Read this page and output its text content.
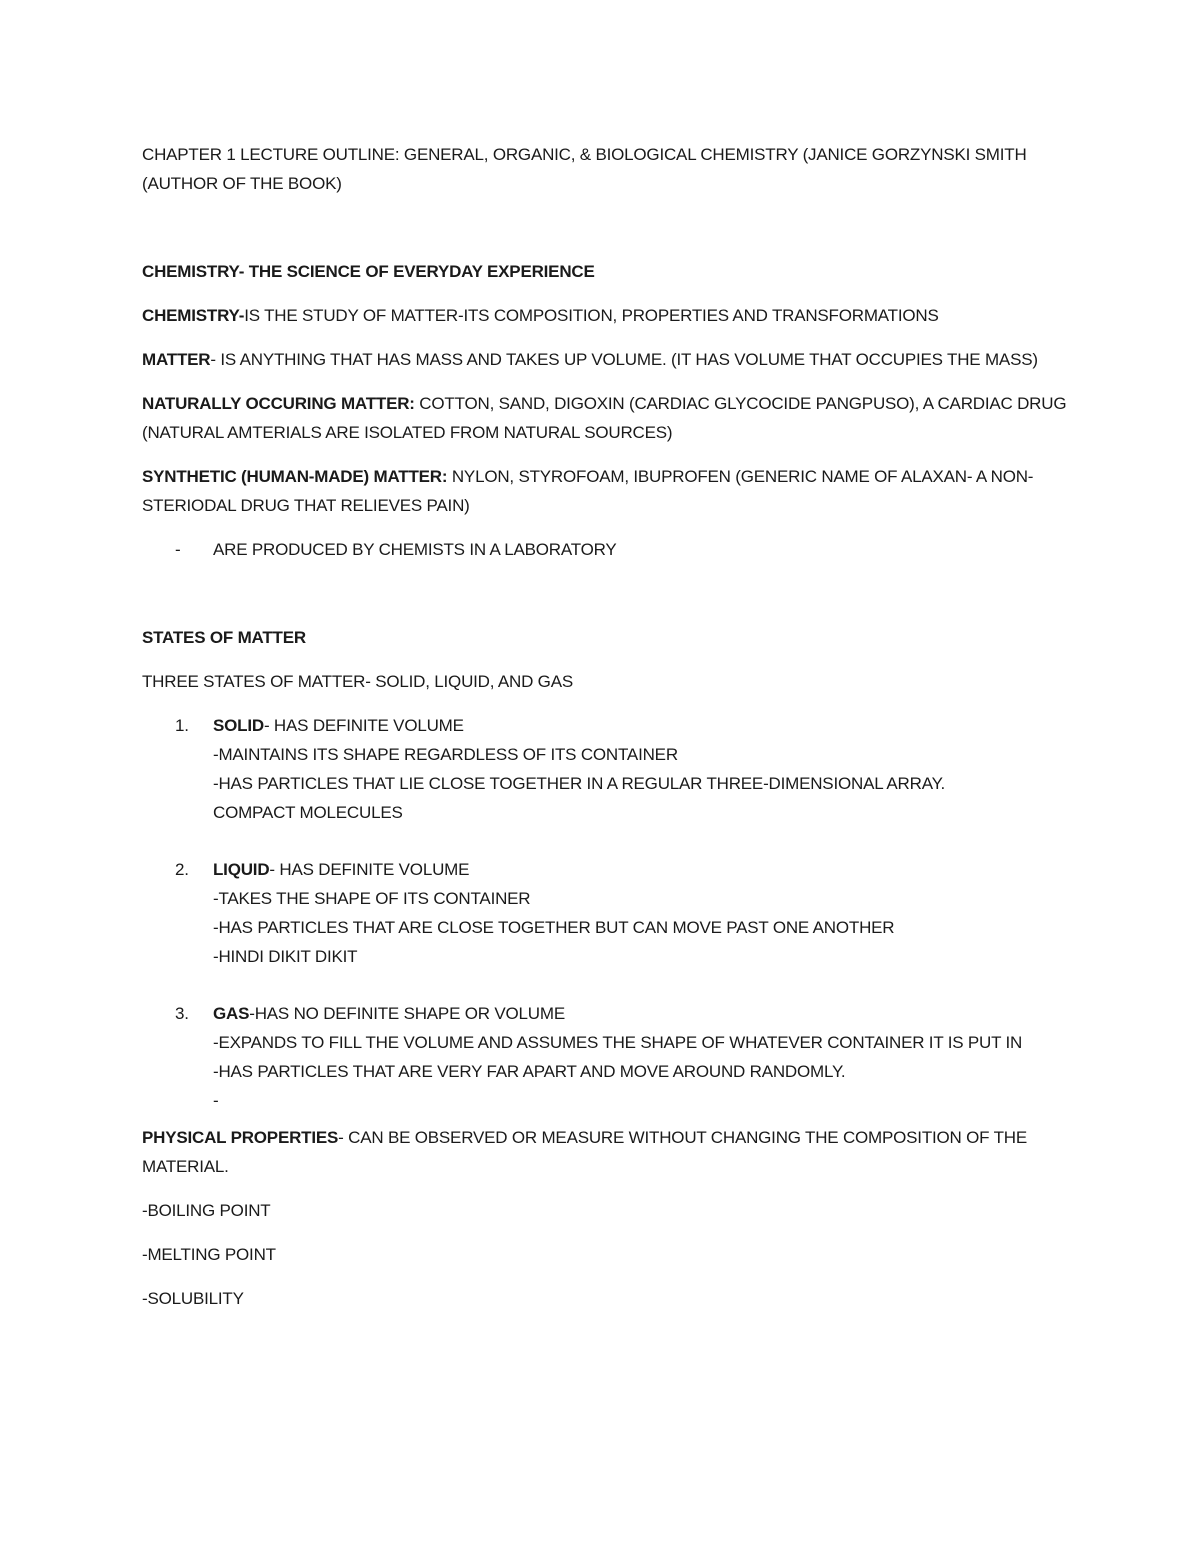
CHAPTER 1 LECTURE OUTLINE: GENERAL, ORGANIC, & BIOLOGICAL CHEMISTRY (JANICE GORZYNSKI SMITH (AUTHOR OF THE BOOK)

CHEMISTRY- THE SCIENCE OF EVERYDAY EXPERIENCE

CHEMISTRY-IS THE STUDY OF MATTER-ITS COMPOSITION, PROPERTIES AND TRANSFORMATIONS

MATTER- IS ANYTHING THAT HAS MASS AND TAKES UP VOLUME. (IT HAS VOLUME THAT OCCUPIES THE MASS)

NATURALLY OCCURING MATTER: COTTON, SAND, DIGOXIN (CARDIAC GLYCOCIDE PANGPUSO), A CARDIAC DRUG (NATURAL AMTERIALS ARE ISOLATED FROM NATURAL SOURCES)

SYNTHETIC (HUMAN-MADE) MATTER: NYLON, STYROFOAM, IBUPROFEN (GENERIC NAME OF ALAXAN- A NON-STERIODAL DRUG THAT RELIEVES PAIN)

- ARE PRODUCED BY CHEMISTS IN A LABORATORY

STATES OF MATTER

THREE STATES OF MATTER- SOLID, LIQUID, AND GAS

1. SOLID- HAS DEFINITE VOLUME
-MAINTAINS ITS SHAPE REGARDLESS OF ITS CONTAINER
-HAS PARTICLES THAT LIE CLOSE TOGETHER IN A REGULAR THREE-DIMENSIONAL ARRAY.
COMPACT MOLECULES
2. LIQUID- HAS DEFINITE VOLUME
-TAKES THE SHAPE OF ITS CONTAINER
-HAS PARTICLES THAT ARE CLOSE TOGETHER BUT CAN MOVE PAST ONE ANOTHER
-HINDI DIKIT DIKIT
3. GAS-HAS NO DEFINITE SHAPE OR VOLUME
-EXPANDS TO FILL THE VOLUME AND ASSUMES THE SHAPE OF WHATEVER CONTAINER IT IS PUT IN
-HAS PARTICLES THAT ARE VERY FAR APART AND MOVE AROUND RANDOMLY.
-

PHYSICAL PROPERTIES- CAN BE OBSERVED OR MEASURE WITHOUT CHANGING THE COMPOSITION OF THE MATERIAL.

-BOILING POINT

-MELTING POINT

-SOLUBILITY
